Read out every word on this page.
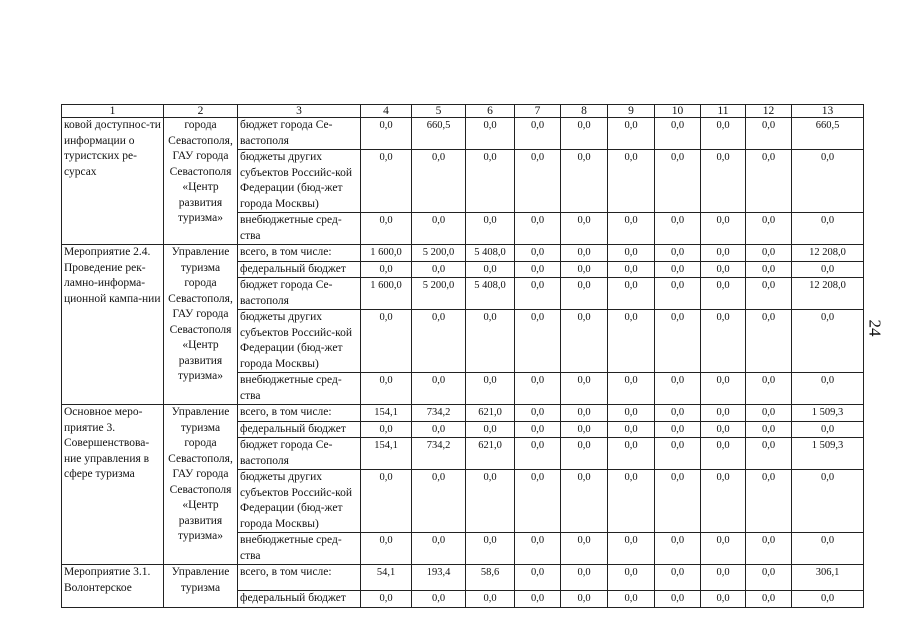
1	2	3	4	5	6	7	8	9	10	11	12	13
ковой доступнос-ти информации о туристских ре-сурсах	города Севастополя, ГАУ города Севастополя «Центр развития туризма»	бюджет города Се-вастополя	0,0	660,5	0,0	0,0	0,0	0,0	0,0	0,0	0,0	660,5
		бюджеты других субъектов Российс-кой Федерации (бюд-жет города Москвы)	0,0	0,0	0,0	0,0	0,0	0,0	0,0	0,0	0,0	0,0
		внебюджетные сред-ства	0,0	0,0	0,0	0,0	0,0	0,0	0,0	0,0	0,0	0,0
Мероприятие 2.4. Проведение рек-ламно-информа-ционной кампа-нии	Управление туризма города Севастополя, ГАУ города Севастополя «Центр развития туризма»	всего, в том числе:	1 600,0	5 200,0	5 408,0	0,0	0,0	0,0	0,0	0,0	0,0	12 208,0
		федеральный бюджет	0,0	0,0	0,0	0,0	0,0	0,0	0,0	0,0	0,0	0,0
		бюджет города Се-вастополя	1 600,0	5 200,0	5 408,0	0,0	0,0	0,0	0,0	0,0	0,0	12 208,0
		бюджеты других субъектов Российс-кой Федерации (бюд-жет города Москвы)	0,0	0,0	0,0	0,0	0,0	0,0	0,0	0,0	0,0	0,0
		внебюджетные сред-ства	0,0	0,0	0,0	0,0	0,0	0,0	0,0	0,0	0,0	0,0
Основное меро-приятие 3. Совершенствова-ние управления в сфере туризма	Управление туризма города Севастополя, ГАУ города Севастополя «Центр развития туризма»	всего, в том числе:	154,1	734,2	621,0	0,0	0,0	0,0	0,0	0,0	0,0	1 509,3
		федеральный бюджет	0,0	0,0	0,0	0,0	0,0	0,0	0,0	0,0	0,0	0,0
		бюджет города Се-вастополя	154,1	734,2	621,0	0,0	0,0	0,0	0,0	0,0	0,0	1 509,3
		бюджеты других субъектов Российс-кой Федерации (бюд-жет города Москвы)	0,0	0,0	0,0	0,0	0,0	0,0	0,0	0,0	0,0	0,0
		внебюджетные сред-ства	0,0	0,0	0,0	0,0	0,0	0,0	0,0	0,0	0,0	0,0
Мероприятие 3.1. Волонтерское	Управление туризма	всего, в том числе:	54,1	193,4	58,6	0,0	0,0	0,0	0,0	0,0	0,0	306,1
		федеральный бюджет	0,0	0,0	0,0	0,0	0,0	0,0	0,0	0,0	0,0	0,0
24
